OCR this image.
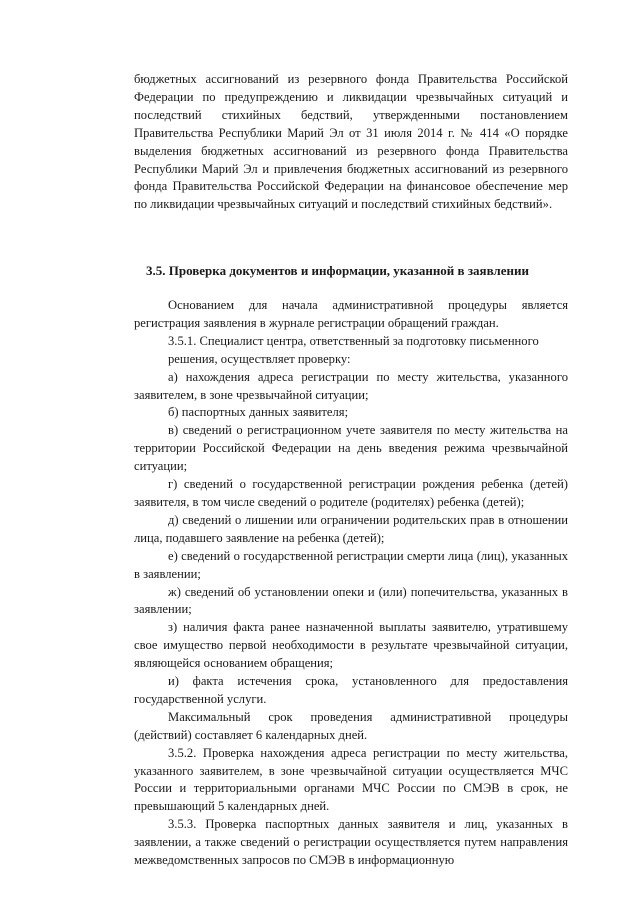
бюджетных ассигнований из резервного фонда Правительства Российской Федерации по предупреждению и ликвидации чрезвычайных ситуаций и последствий стихийных бедствий, утвержденными постановлением Правительства Республики Марий Эл от 31 июля 2014 г. № 414 «О порядке выделения бюджетных ассигнований из резервного фонда Правительства Республики Марий Эл и привлечения бюджетных ассигнований из резервного фонда Правительства Российской Федерации на финансовое обеспечение мер по ликвидации чрезвычайных ситуаций и последствий стихийных бедствий».

3.5. Проверка документов и информации, указанной в заявлении

Основанием для начала административной процедуры является регистрация заявления в журнале регистрации обращений граждан.

3.5.1. Специалист центра, ответственный за подготовку письменного

решения, осуществляет проверку:

а) нахождения адреса регистрации по месту жительства, указанного заявителем, в зоне чрезвычайной ситуации;

б) паспортных данных заявителя;

в) сведений о регистрационном учете заявителя по месту жительства на территории Российской Федерации на день введения режима чрезвычайной ситуации;

г) сведений о государственной регистрации рождения ребенка (детей) заявителя, в том числе сведений о родителе (родителях) ребенка (детей);

д) сведений о лишении или ограничении родительских прав в отношении лица, подавшего заявление на ребенка (детей);

е) сведений о государственной регистрации смерти лица (лиц), указанных в заявлении;

ж) сведений об установлении опеки и (или) попечительства, указанных в заявлении;

з) наличия факта ранее назначенной выплаты заявителю, утратившему свое имущество первой необходимости в результате чрезвычайной ситуации, являющейся основанием обращения;

и) факта истечения срока, установленного для предоставления государственной услуги.

Максимальный срок проведения административной процедуры (действий) составляет 6 календарных дней.

3.5.2. Проверка нахождения адреса регистрации по месту жительства, указанного заявителем, в зоне чрезвычайной ситуации осуществляется МЧС России и территориальными органами МЧС России по СМЭВ в срок, не превышающий 5 календарных дней.

3.5.3. Проверка паспортных данных заявителя и лиц, указанных в заявлении, а также сведений о регистрации осуществляется путем направления межведомственных запросов по СМЭВ в информационную
